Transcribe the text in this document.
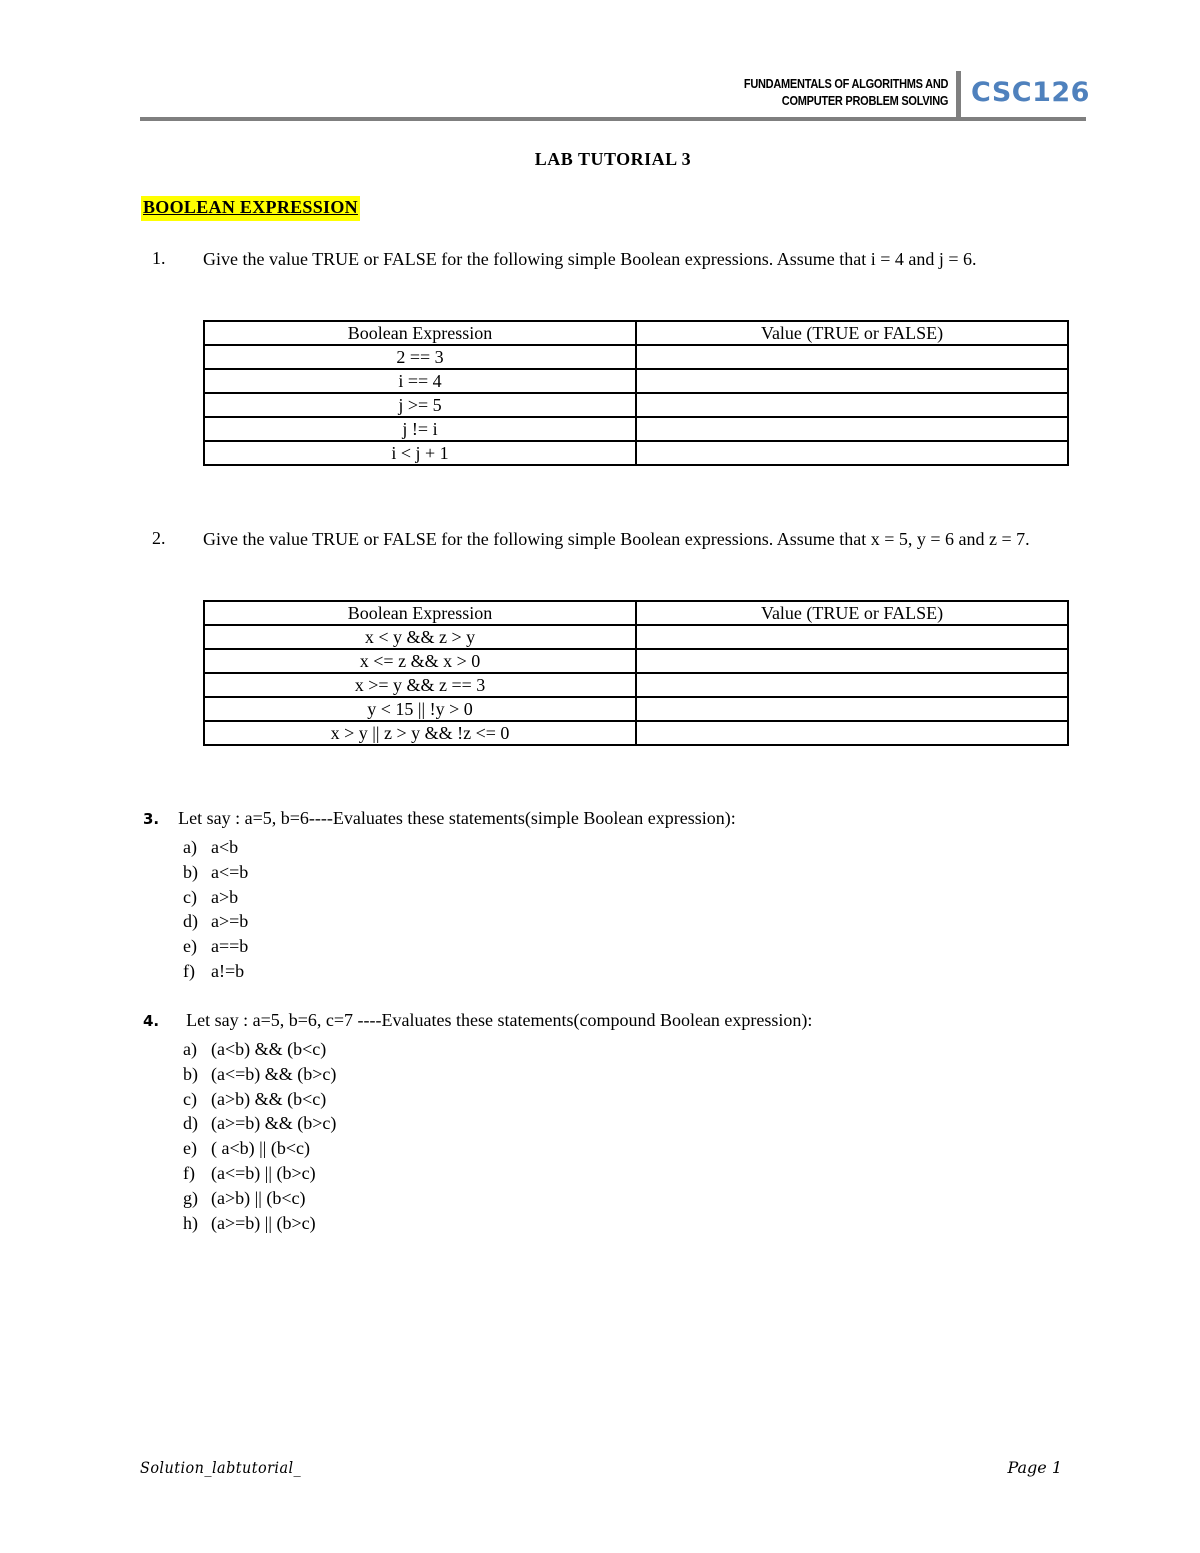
FUNDAMENTALS OF ALGORITHMS AND
COMPUTER PROBLEM SOLVING CSC126
LAB TUTORIAL 3
BOOLEAN EXPRESSION
1. Give the value TRUE or FALSE for the following simple Boolean expressions. Assume that i = 4 and j = 6.
Boolean Expression	Value (TRUE or FALSE)
2 == 3	
i == 4	
j >= 5	
j != i	
i < j + 1	
2. Give the value TRUE or FALSE for the following simple Boolean expressions. Assume that x = 5, y = 6 and z = 7.
Boolean Expression	Value (TRUE or FALSE)
x < y && z > y	
x <= z && x > 0	
x >= y && z == 3	
y < 15 || !y > 0	
x > y || z > y && !z <= 0	
3. Let say : a=5, b=6----Evaluates these statements(simple Boolean expression):
a) a<b
b) a<=b
c) a>b
d) a>=b
e) a==b
f) a!=b
4. Let say : a=5, b=6, c=7 ----Evaluates these statements(compound Boolean expression):
a) (a<b) && (b<c)
b) (a<=b) && (b>c)
c) (a>b) && (b<c)
d) (a>=b) && (b>c)
e) ( a<b) || (b<c)
f) (a<=b) || (b>c)
g) (a>b) || (b<c)
h) (a>=b) || (b>c)
Solution_labtutorial_	Page 1
